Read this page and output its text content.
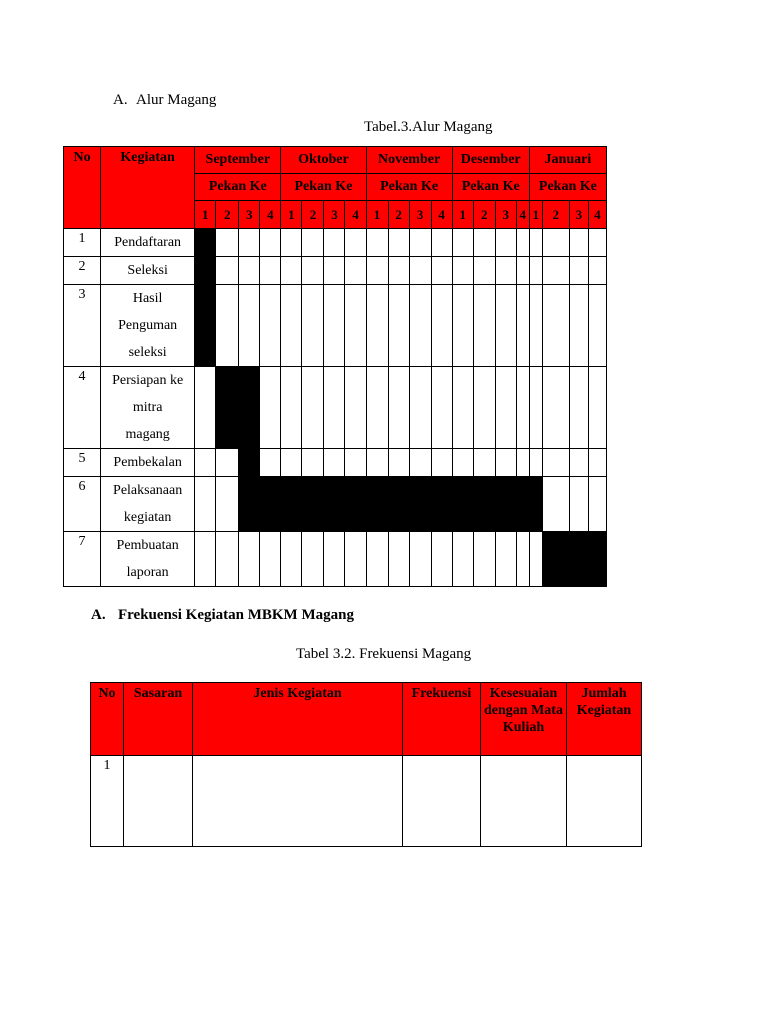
A. Alur Magang
Tabel.3.Alur Magang
No	Kegiatan	September				Oktober				November				Desember				Januari			
		Pekan Ke				Pekan Ke				Pekan Ke				Pekan Ke				Pekan Ke			
		1	2	3	4	1	2	3	4	1	2	3	4	1	2	3	4	1	2	3	4
1	Pendaftaran																				

2	Seleksi																				

3	Hasil
Penguman
seleksi																				

4	Persiapan ke
mitra
magang																				

5	Pembekalan																				

6	Pelaksanaan
kegiatan																				

7	Pembuatan
laporan																				

A. Frekuensi Kegiatan MBKM Magang
Tabel 3.2. Frekuensi Magang
No	Sasaran	Jenis Kegiatan	Frekuensi	Kesesuaian dengan Mata Kuliah	Jumlah Kegiatan
1					
